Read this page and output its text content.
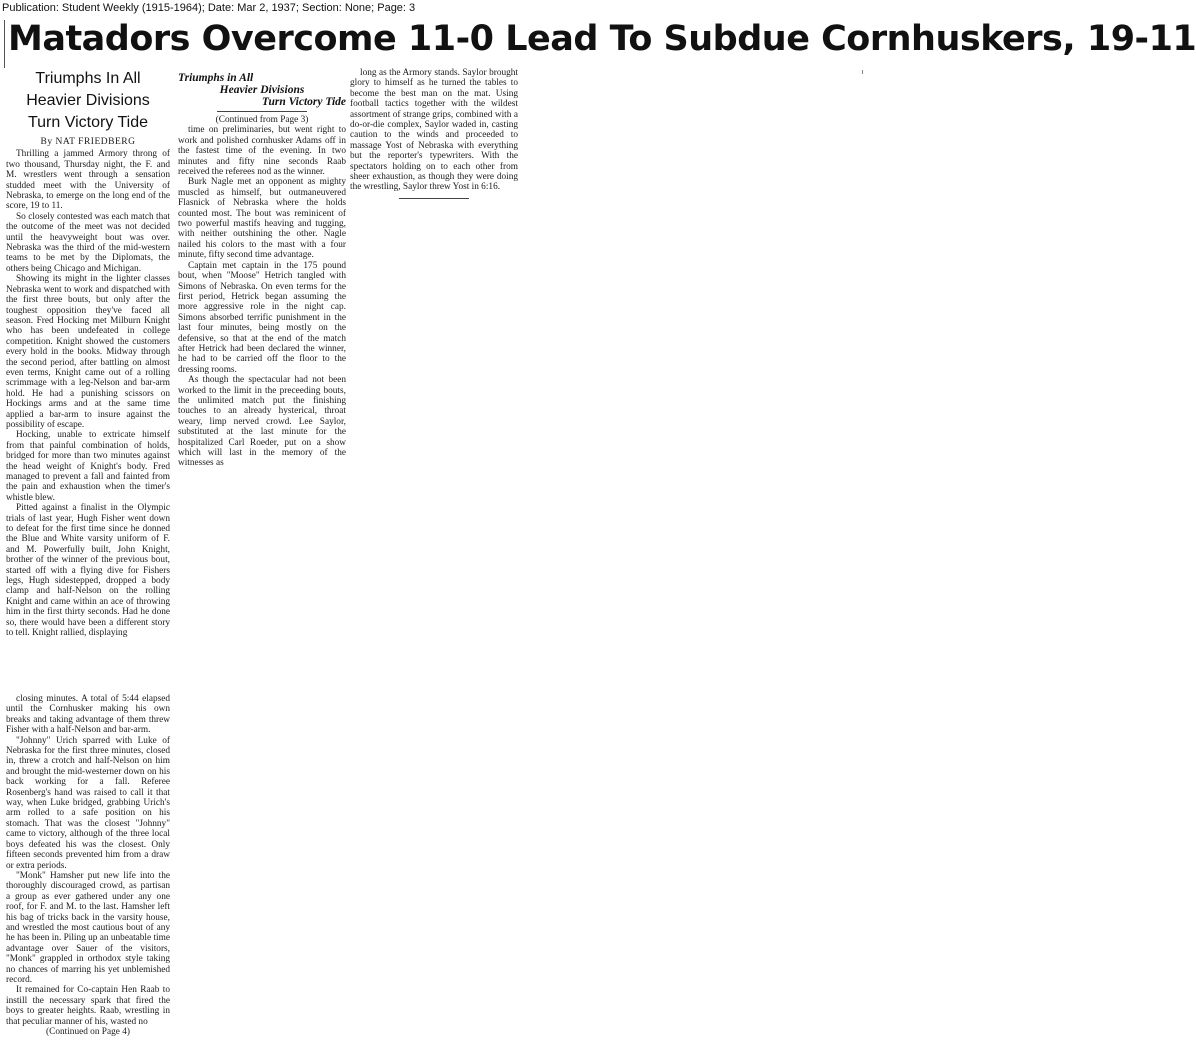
Publication: Student Weekly (1915-1964); Date: Mar 2, 1937; Section: None; Page: 3
Matadors Overcome 11-0 Lead To Subdue Cornhuskers, 19-11
Triumphs In All
Heavier Divisions
Turn Victory Tide
By NAT FRIEDBERG

Thrilling a jammed Armory throng of two thousand, Thursday night, the F. and M. wrestlers went through a sensation studded meet with the University of Nebraska, to emerge on the long end of the score, 19 to 11.

So closely contested was each match that the outcome of the meet was not decided until the heavyweight bout was over. Nebraska was the third of the mid-western teams to be met by the Diplomats, the others being Chicago and Michigan.

Showing its might in the lighter classes Nebraska went to work and dispatched with the first three bouts, but only after the toughest opposition they've faced all season. Fred Hocking met Milburn Knight who has been undefeated in college competition. Knight showed the customers every hold in the books. Midway through the second period, after battling on almost even terms, Knight came out of a rolling scrimmage with a leg-Nelson and bar-arm hold. He had a punishing scissors on Hockings arms and at the same time applied a bar-arm to insure against the possibility of escape.

Hocking, unable to extricate himself from that painful combination of holds, bridged for more than two minutes against the head weight of Knight's body. Fred managed to prevent a fall and fainted from the pain and exhaustion when the timer's whistle blew.

Pitted against a finalist in the Olympic trials of last year, Hugh Fisher went down to defeat for the first time since he donned the Blue and White varsity uniform of F. and M. Powerfully built, John Knight, brother of the winner of the previous bout, started off with a flying dive for Fishers legs, Hugh sidestepped, dropped a body clamp and half-Nelson on the rolling Knight and came within an ace of throwing him in the first thirty seconds. Had he done so, there would have been a different story to tell. Knight rallied, displaying

closing minutes. A total of 5:44 elapsed until the Cornhusker making his own breaks and taking advantage of them threw Fisher with a half-Nelson and bar-arm.

"Johnny" Urich sparred with Luke of Nebraska for the first three minutes, closed in, threw a crotch and half-Nelson on him and brought the mid-westerner down on his back working for a fall. Referee Rosenberg's hand was raised to call it that way, when Luke bridged, grabbing Urich's arm rolled to a safe position on his stomach. That was the closest "Johnny" came to victory, although of the three local boys defeated his was the closest. Only fifteen seconds prevented him from a draw or extra periods.

"Monk" Hamsher put new life into the thoroughly discouraged crowd, as partisan a group as ever gathered under any one roof, for F. and M. to the last. Hamsher left his bag of tricks back in the varsity house, and wrestled the most cautious bout of any he has been in. Piling up an unbeatable time advantage over Sauer of the visitors, "Monk" grappled in orthodox style taking no chances of marring his yet unblemished record.

It remained for Co-captain Hen Raab to instill the necessary spark that fired the boys to greater heights. Raab, wrestling in that peculiar manner of his, wasted no

(Continued on Page 4)

Triumphs in All
Heavier Divisions
Turn Victory Tide

(Continued from Page 3)

time on preliminaries, but went right to work and polished cornhusker Adams off in the fastest time of the evening. In two minutes and fifty nine seconds Raab received the referees nod as the winner.

Burk Nagle met an opponent as mighty muscled as himself, but outmaneuvered Flasnick of Nebraska where the holds counted most. The bout was reminicent of two powerful mastifs heaving and tugging, with neither outshining the other. Nagle nailed his colors to the mast with a four minute, fifty second time advantage.

Captain met captain in the 175 pound bout, when "Moose" Hetrich tangled with Simons of Nebraska. On even terms for the first period, Hetrick began assuming the more aggressive role in the night cap. Simons absorbed terrific punishment in the last four minutes, being mostly on the defensive, so that at the end of the match after Hetrick had been declared the winner, he had to be carried off the floor to the dressing rooms.

As though the spectacular had not been worked to the limit in the preceeding bouts, the unlimited match put the finishing touches to an already hysterical, throat weary, limp nerved crowd. Lee Saylor, substituted at the last minute for the hospitalized Carl Roeder, put on a show which will last in the memory of the witnesses as

long as the Armory stands. Saylor brought glory to himself as he turned the tables to become the best man on the mat. Using football tactics together with the wildest assortment of strange grips, combined with a do-or-die complex, Saylor waded in, casting caution to the winds and proceeded to massage Yost of Nebraska with everything but the reporter's typewriters. With the spectators holding on to each other from sheer exhaustion, as though they were doing the wrestling, Saylor threw Yost in 6:16.
